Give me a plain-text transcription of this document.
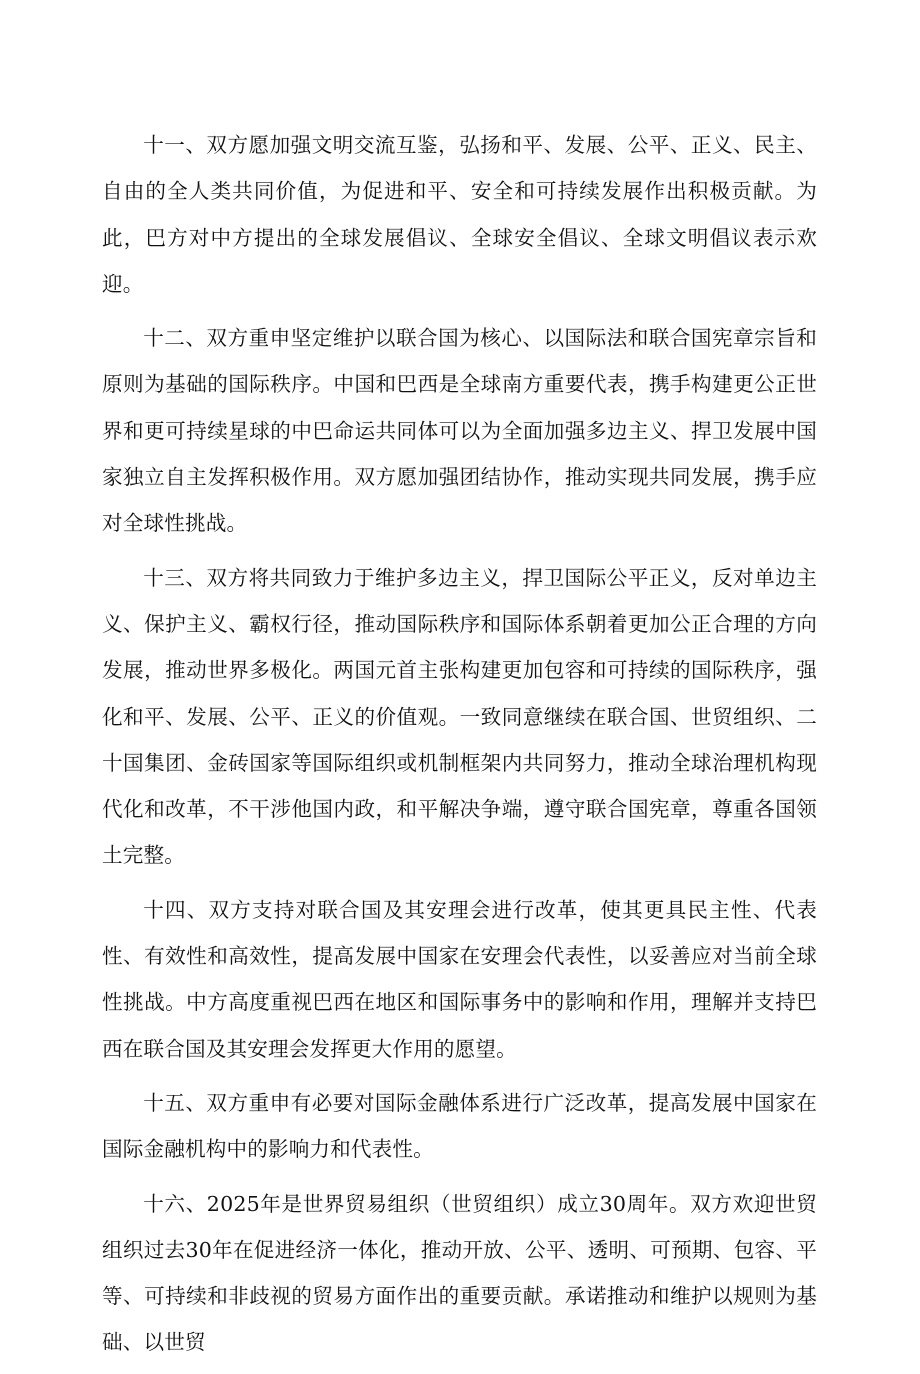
十一、双方愿加强文明交流互鉴，弘扬和平、发展、公平、正义、民主、自由的全人类共同价值，为促进和平、安全和可持续发展作出积极贡献。为此，巴方对中方提出的全球发展倡议、全球安全倡议、全球文明倡议表示欢迎。

十二、双方重申坚定维护以联合国为核心、以国际法和联合国宪章宗旨和原则为基础的国际秩序。中国和巴西是全球南方重要代表，携手构建更公正世界和更可持续星球的中巴命运共同体可以为全面加强多边主义、捍卫发展中国家独立自主发挥积极作用。双方愿加强团结协作，推动实现共同发展，携手应对全球性挑战。

十三、双方将共同致力于维护多边主义，捍卫国际公平正义，反对单边主义、保护主义、霸权行径，推动国际秩序和国际体系朝着更加公正合理的方向发展，推动世界多极化。两国元首主张构建更加包容和可持续的国际秩序，强化和平、发展、公平、正义的价值观。一致同意继续在联合国、世贸组织、二十国集团、金砖国家等国际组织或机制框架内共同努力，推动全球治理机构现代化和改革，不干涉他国内政，和平解决争端，遵守联合国宪章，尊重各国领土完整。

十四、双方支持对联合国及其安理会进行改革，使其更具民主性、代表性、有效性和高效性，提高发展中国家在安理会代表性，以妥善应对当前全球性挑战。中方高度重视巴西在地区和国际事务中的影响和作用，理解并支持巴西在联合国及其安理会发挥更大作用的愿望。

十五、双方重申有必要对国际金融体系进行广泛改革，提高发展中国家在国际金融机构中的影响力和代表性。

十六、2025年是世界贸易组织（世贸组织）成立30周年。双方欢迎世贸组织过去30年在促进经济一体化，推动开放、公平、透明、可预期、包容、平等、可持续和非歧视的贸易方面作出的重要贡献。承诺推动和维护以规则为基础、以世贸
